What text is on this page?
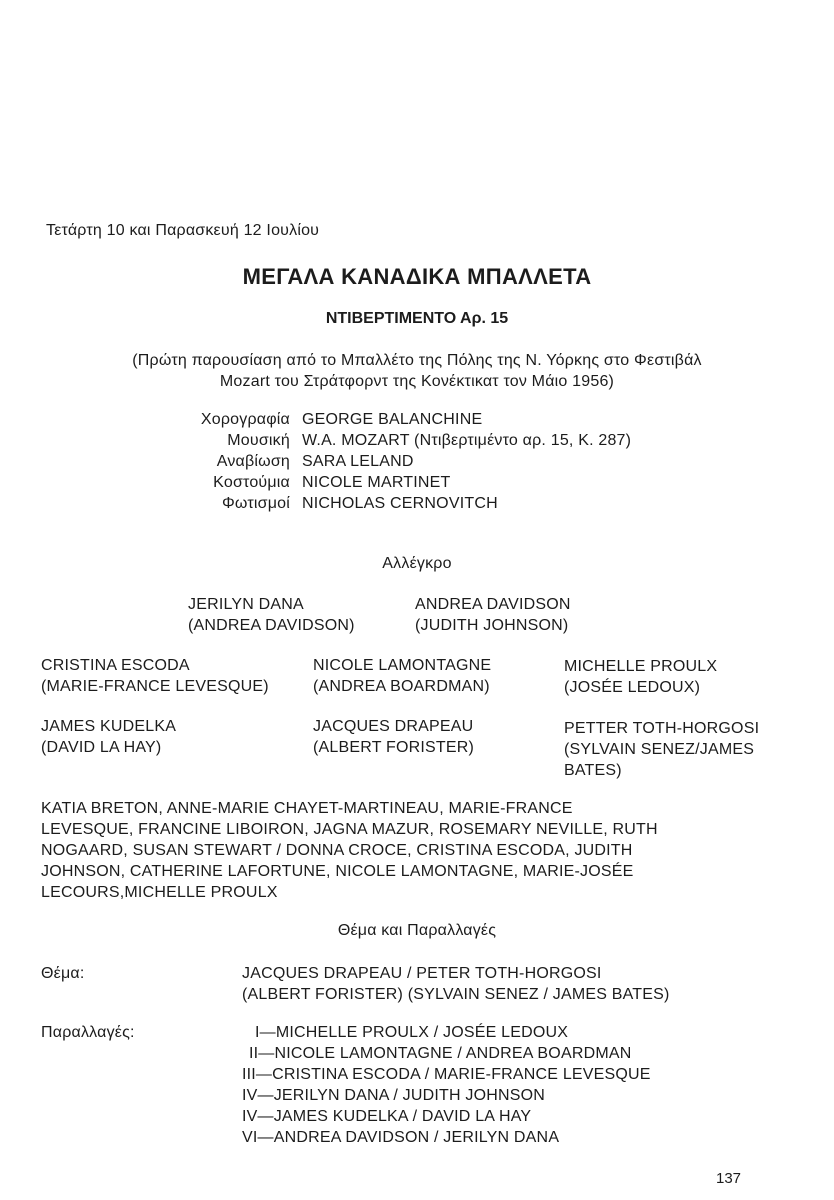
Τετάρτη 10 και Παρασκευή 12 Ιουλίου
ΜΕΓΑΛΑ ΚΑΝΑΔΙΚΑ ΜΠΑΛΛΕΤΑ
ΝΤΙΒΕΡΤΙΜΕΝΤΟ Αρ. 15
(Πρώτη παρουσίαση από το Μπαλλέτο της Πόλης της Ν. Υόρκης στο Φεστιβάλ
Mozart του Στράτφορντ της Κονέκτικατ τον Μάιο 1956)
Χορογραφία GEORGE BALANCHINE
Μουσική W.A. MOZART (Ντιβερτιμέντο αρ. 15, Κ. 287)
Αναβίωση SARA LELAND
Κοστούμια NICOLE MARTINET
Φωτισμοί NICHOLAS CERNOVITCH
Αλλέγκρο
JERILYN DANA
(ANDREA DAVIDSON)
ANDREA DAVIDSON
(JUDITH JOHNSON)
CRISTINA ESCODA
(MARIE-FRANCE LEVESQUE)
NICOLE LAMONTAGNE
(ANDREA BOARDMAN)
MICHELLE PROULX
(JOSÉE LEDOUX)
JAMES KUDELKA
(DAVID LA HAY)
JACQUES DRAPEAU
(ALBERT FORISTER)
PETTER TOTH-HORGOSI
(SYLVAIN SENEZ/JAMES
BATES)
KATIA BRETON, ANNE-MARIE CHAYET-MARTINEAU, MARIE-FRANCE
LEVESQUE, FRANCINE LIBOIRON, JAGNA MAZUR, ROSEMARY NEVILLE, RUTH
NOGAARD, SUSAN STEWART / DONNA CROCE, CRISTINA ESCODA, JUDITH
JOHNSON, CATHERINE LAFORTUNE, NICOLE LAMONTAGNE, MARIE-JOSÉE
LECOURS,MICHELLE PROULX
Θέμα και Παραλλαγές
Θέμα:	JACQUES DRAPEAU / PETER TOTH-HORGOSI
(ALBERT FORISTER) (SYLVAIN SENEZ / JAMES BATES)
Παραλλαγές:	I—MICHELLE PROULX / JOSÉE LEDOUX
II—NICOLE LAMONTAGNE / ANDREA BOARDMAN
III—CRISTINA ESCODA / MARIE-FRANCE LEVESQUE
IV—JERILYN DANA / JUDITH JOHNSON
IV—JAMES KUDELKA / DAVID LA HAY
VI—ANDREA DAVIDSON / JERILYN DANA
137
